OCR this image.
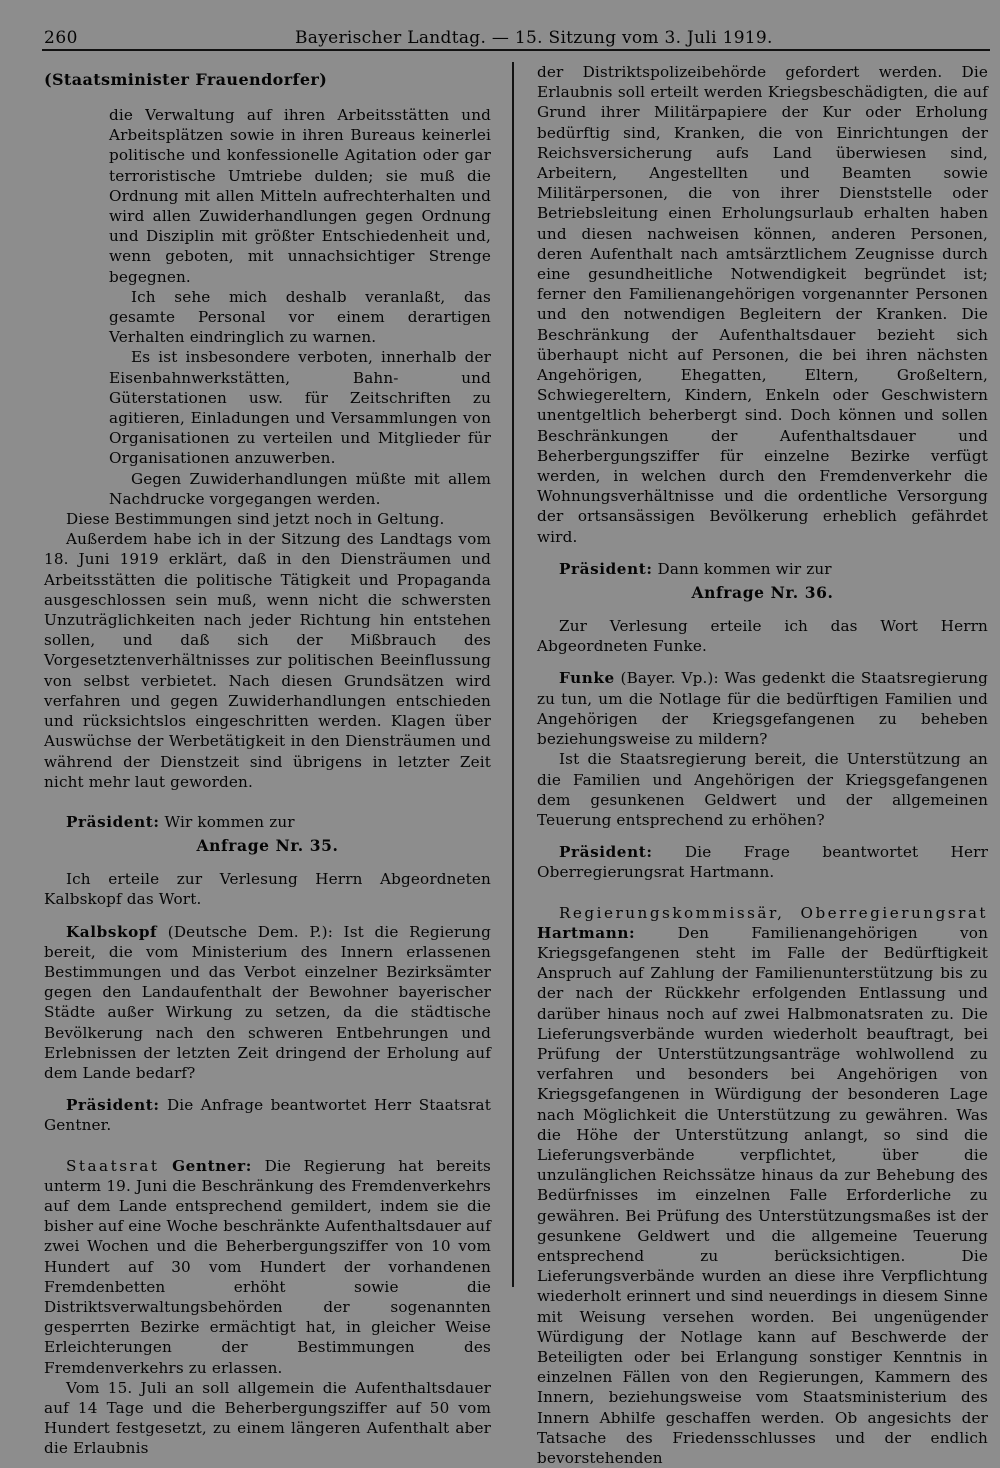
260	Bayerischer Landtag. — 15. Sitzung vom 3. Juli 1919.
(Staatsminister Frauendorfer)

die Verwaltung auf ihren Arbeitsstätten und Arbeitsplätzen sowie in ihren Bureaus keinerlei politische und konfessionelle Agitation oder gar terroristische Umtriebe dulden; sie muß die Ordnung mit allen Mitteln aufrechterhalten und wird allen Zuwiderhandlungen gegen Ordnung und Disziplin mit größter Entschiedenheit und, wenn geboten, mit unnachsichtiger Strenge begegnen.

Ich sehe mich deshalb veranlaßt, das gesamte Personal vor einem derartigen Verhalten eindringlich zu warnen.

Es ist insbesondere verboten, innerhalb der Eisenbahnwerkstätten, Bahn- und Güterstationen usw. für Zeitschriften zu agitieren, Einladungen und Versammlungen von Organisationen zu verteilen und Mitglieder für Organisationen anzuwerben.

Gegen Zuwiderhandlungen müßte mit allem Nachdrucke vorgegangen werden.

Diese Bestimmungen sind jetzt noch in Geltung.

Außerdem habe ich in der Sitzung des Landtags vom 18. Juni 1919 erklärt, daß in den Diensträumen und Arbeitsstätten die politische Tätigkeit und Propaganda ausgeschlossen sein muß, wenn nicht die schwersten Unzuträglichkeiten nach jeder Richtung hin entstehen sollen, und daß sich der Mißbrauch des Vorgesetztenverhältnisses zur politischen Beeinflussung von selbst verbietet. Nach diesen Grundsätzen wird verfahren und gegen Zuwiderhandlungen entschieden und rücksichtslos eingeschritten werden. Klagen über Auswüchse der Werbetätigkeit in den Diensträumen und während der Dienstzeit sind übrigens in letzter Zeit nicht mehr laut geworden.

Präsident: Wir kommen zur

Anfrage Nr. 35.

Ich erteile zur Verlesung Herrn Abgeordneten Kalbskopf das Wort.

Kalbskopf (Deutsche Dem. P.): Ist die Regierung bereit, die vom Ministerium des Innern erlassenen Bestimmungen und das Verbot einzelner Bezirksämter gegen den Landaufenthalt der Bewohner bayerischer Städte außer Wirkung zu setzen, da die städtische Bevölkerung nach den schweren Entbehrungen und Erlebnissen der letzten Zeit dringend der Erholung auf dem Lande bedarf?

Präsident: Die Anfrage beantwortet Herr Staatsrat Gentner.

Staatsrat Gentner: Die Regierung hat bereits unterm 19. Juni die Beschränkung des Fremdenverkehrs auf dem Lande entsprechend gemildert, indem sie die bisher auf eine Woche beschränkte Aufenthaltsdauer auf zwei Wochen und die Beherbergungsziffer von 10 vom Hundert auf 30 vom Hundert der vorhandenen Fremdenbetten erhöht sowie die Distriktsverwaltungsbehörden der sogenannten gesperrten Bezirke ermächtigt hat, in gleicher Weise Erleichterungen der Bestimmungen des Fremdenverkehrs zu erlassen.

Vom 15. Juli an soll allgemein die Aufenthaltsdauer auf 14 Tage und die Beherbergungsziffer auf 50 vom Hundert festgesetzt, zu einem längeren Aufenthalt aber die Erlaubnis

der Distriktspolizeibehörde gefordert werden. Die Erlaubnis soll erteilt werden Kriegsbeschädigten, die auf Grund ihrer Militärpapiere der Kur oder Erholung bedürftig sind, Kranken, die von Einrichtungen der Reichsversicherung aufs Land überwiesen sind, Arbeitern, Angestellten und Beamten sowie Militärpersonen, die von ihrer Dienststelle oder Betriebsleitung einen Erholungsurlaub erhalten haben und diesen nachweisen können, anderen Personen, deren Aufenthalt nach amtsärztlichem Zeugnisse durch eine gesundheitliche Notwendigkeit begründet ist; ferner den Familienangehörigen vorgenannter Personen und den notwendigen Begleitern der Kranken. Die Beschränkung der Aufenthaltsdauer bezieht sich überhaupt nicht auf Personen, die bei ihren nächsten Angehörigen, Ehegatten, Eltern, Großeltern, Schwiegereltern, Kindern, Enkeln oder Geschwistern unentgeltlich beherbergt sind. Doch können und sollen Beschränkungen der Aufenthaltsdauer und Beherbergungsziffer für einzelne Bezirke verfügt werden, in welchen durch den Fremdenverkehr die Wohnungsverhältnisse und die ordentliche Versorgung der ortsansässigen Bevölkerung erheblich gefährdet wird.

Präsident: Dann kommen wir zur

Anfrage Nr. 36.

Zur Verlesung erteile ich das Wort Herrn Abgeordneten Funke.

Funke (Bayer. Vp.): Was gedenkt die Staatsregierung zu tun, um die Notlage für die bedürftigen Familien und Angehörigen der Kriegsgefangenen zu beheben beziehungsweise zu mildern?

Ist die Staatsregierung bereit, die Unterstützung an die Familien und Angehörigen der Kriegsgefangenen dem gesunkenen Geldwert und der allgemeinen Teuerung entsprechend zu erhöhen?

Präsident: Die Frage beantwortet Herr Oberregierungsrat Hartmann.

Regierungskommissär, Oberregierungsrat Hartmann:	Den Familienangehörigen von Kriegsgefangenen steht im Falle der Bedürftigkeit Anspruch auf Zahlung der Familienunterstützung bis zu der nach der Rückkehr erfolgenden Entlassung und darüber hinaus noch auf zwei Halbmonatsraten zu. Die Lieferungsverbände wurden wiederholt beauftragt, bei Prüfung der Unterstützungsanträge wohlwollend zu verfahren und besonders bei Angehörigen von Kriegsgefangenen in Würdigung der besonderen Lage nach Möglichkeit die Unterstützung zu gewähren. Was die Höhe der Unterstützung anlangt, so sind die Lieferungsverbände verpflichtet, über die unzulänglichen Reichssätze hinaus da zur Behebung des Bedürfnisses im einzelnen Falle Erforderliche zu gewähren. Bei Prüfung des Unterstützungsmaßes ist der gesunkene Geldwert und die allgemeine Teuerung entsprechend zu berücksichtigen. Die Lieferungsverbände wurden an diese ihre Verpflichtung wiederholt erinnert und sind neuerdings in diesem Sinne mit Weisung versehen worden. Bei ungenügender Würdigung der Notlage kann auf Beschwerde der Beteiligten oder bei Erlangung sonstiger Kenntnis in einzelnen Fällen von den Regierungen, Kammern des Innern, beziehungsweise vom Staatsministerium des Innern Abhilfe geschaffen werden. Ob angesichts der Tatsache des Friedensschlusses und der endlich bevorstehenden
